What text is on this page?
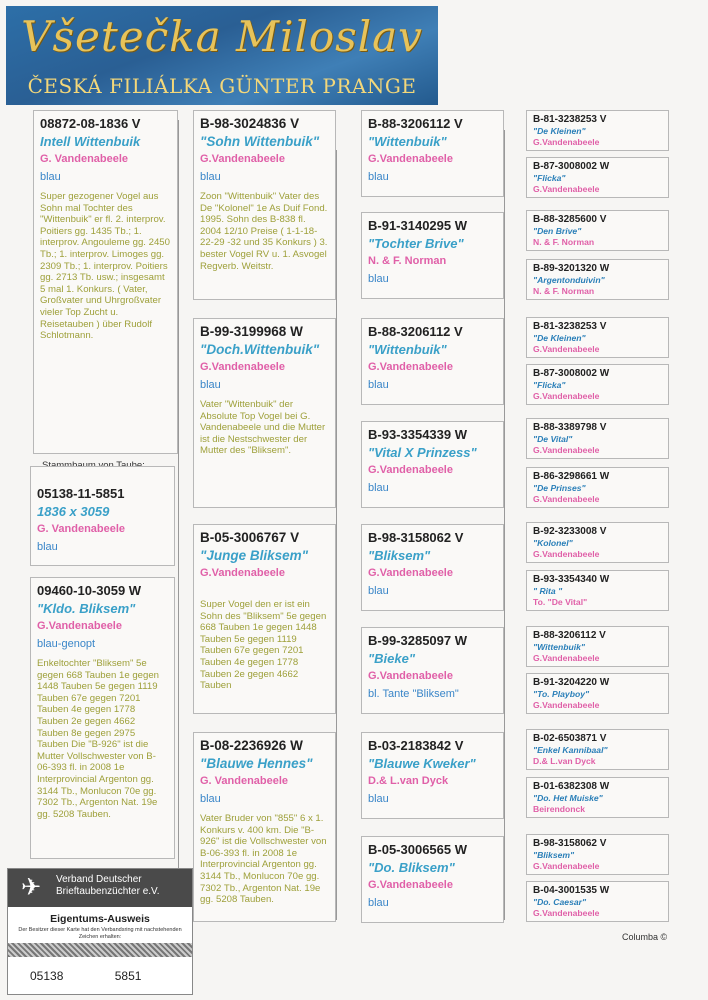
Všetečka Miloslav
ČESKÁ FILIÁLKA GÜNTER PRANGE
08872-08-1836 V
Intell Wittenbuik
G. Vandenabeele
blau
Super gezogener Vogel aus Sohn mal Tochter des "Wittenbuik" er fl. 2. interprov. Poitiers gg. 1435 Tb.; 1. interprov. Angouleme gg. 2450 Tb.; 1. interprov. Limoges gg. 2309 Tb.; 1. interprov. Poitiers gg. 2713 Tb. usw.; insgesamt 5 mal 1. Konkurs. ( Vater, Großvater und Uhrgroßvater vieler Top Zucht u. Reisetauben ) über Rudolf Schlotmann.
05138-11-5851
1836 x 3059
G. Vandenabeele
blau
09460-10-3059 W
"Kldo. Bliksem"
G.Vandenabeele
blau-genopt
Enkeltochter "Bliksem" 5e gegen 668 Tauben 1e gegen 1448 Tauben 5e gegen 1119 Tauben 67e gegen 7201 Tauben 4e gegen 1778 Tauben 2e gegen 4662 Tauben 8e gegen 2975 Tauben Die "B-926" ist die Mutter Vollschwester von B-06-393 fl. in 2008 1e Interprovincial Argenton gg. 3144 Tb., Monlucon 70e gg. 7302 Tb., Argenton Nat. 19e gg. 5208 Tauben.
B-98-3024836 V
"Sohn Wittenbuik"
G.Vandenabeele
blau
Zoon "Wittenbuik" Vater des De "Kolonel" 1e As Duif Fond. 1995. Sohn des B-838 fl. 2004 12/10 Preise ( 1-1-18-22-29 -32 und 35 Konkurs ) 3. bester Vogel RV u. 1. Asvogel Regverb. Weitstr.
B-99-3199968 W
"Doch.Wittenbuik"
G.Vandenabeele
blau
Vater "Wittenbuik" der Absolute Top Vogel bei G. Vandenabeele und die Mutter ist die Nestschwester der Mutter des "Bliksem".
B-05-3006767 V
"Junge Bliksem"
G.Vandenabeele
Super Vogel den er ist ein Sohn des "Bliksem" 5e gegen 668 Tauben 1e gegen 1448 Tauben 5e gegen 1119 Tauben 67e gegen 7201 Tauben 4e gegen 1778 Tauben 2e gegen 4662 Tauben
B-08-2236926 W
"Blauwe Hennes"
G. Vandenabeele
blau
Vater Bruder von "855" 6 x 1. Konkurs v. 400 km. Die "B-926" ist die Vollschwester von B-06-393 fl. in 2008 1e Interprovincial Argenton gg. 3144 Tb., Monlucon 70e gg. 7302 Tb., Argenton Nat. 19e gg. 5208 Tauben.
B-88-3206112 V
"Wittenbuik"
G.Vandenabeele
blau
B-91-3140295 W
"Tochter Brive"
N. & F. Norman
blau
B-88-3206112 V
"Wittenbuik"
G.Vandenabeele
blau
B-93-3354339 W
"Vital X Prinzess"
G.Vandenabeele
blau
B-98-3158062 V
"Bliksem"
G.Vandenabeele
blau
B-99-3285097 W
"Bieke"
G.Vandenabeele
bl. Tante "Bliksem"
B-03-2183842 V
"Blauwe Kweker"
D.& L.van Dyck
blau
B-05-3006565 W
"Do. Bliksem"
G.Vandenabeele
blau
B-81-3238253 V
"De Kleinen"
G.Vandenabeele
B-87-3008002 W
"Flicka"
G.Vandenabeele
B-88-3285600 V
"Den Brive"
N. & F. Norman
B-89-3201320 W
"Argentonduivin"
N. & F. Norman
B-81-3238253 V
"De Kleinen"
G.Vandenabeele
B-87-3008002 W
"Flicka"
G.Vandenabeele
B-88-3389798 V
"De Vital"
G.Vandenabeele
B-86-3298661 W
"De Prinses"
G.Vandenabeele
B-92-3233008 V
"Kolonel"
G.Vandenabeele
B-93-3354340 W
" Rita "
To. "De Vital"
B-88-3206112 V
"Wittenbuik"
G.Vandenabeele
B-91-3204220 W
"To. Playboy"
G.Vandenabeele
B-02-6503871 V
"Enkel Kannibaal"
D.& L.van Dyck
B-01-6382308 W
"Do. Het Muiske"
Beirendonck
B-98-3158062 V
"Bliksem"
G.Vandenabeele
B-04-3001535 W
"Do. Caesar"
G.Vandenabeele
✈	Verband Deutscher
Brieftaubenzüchter e.V.
Eigentums-Ausweis
Der Besitzer dieser Karte hat den Verbandsring mit nachstehenden Zeichen erhalten:
05138	5851
Columba ©
